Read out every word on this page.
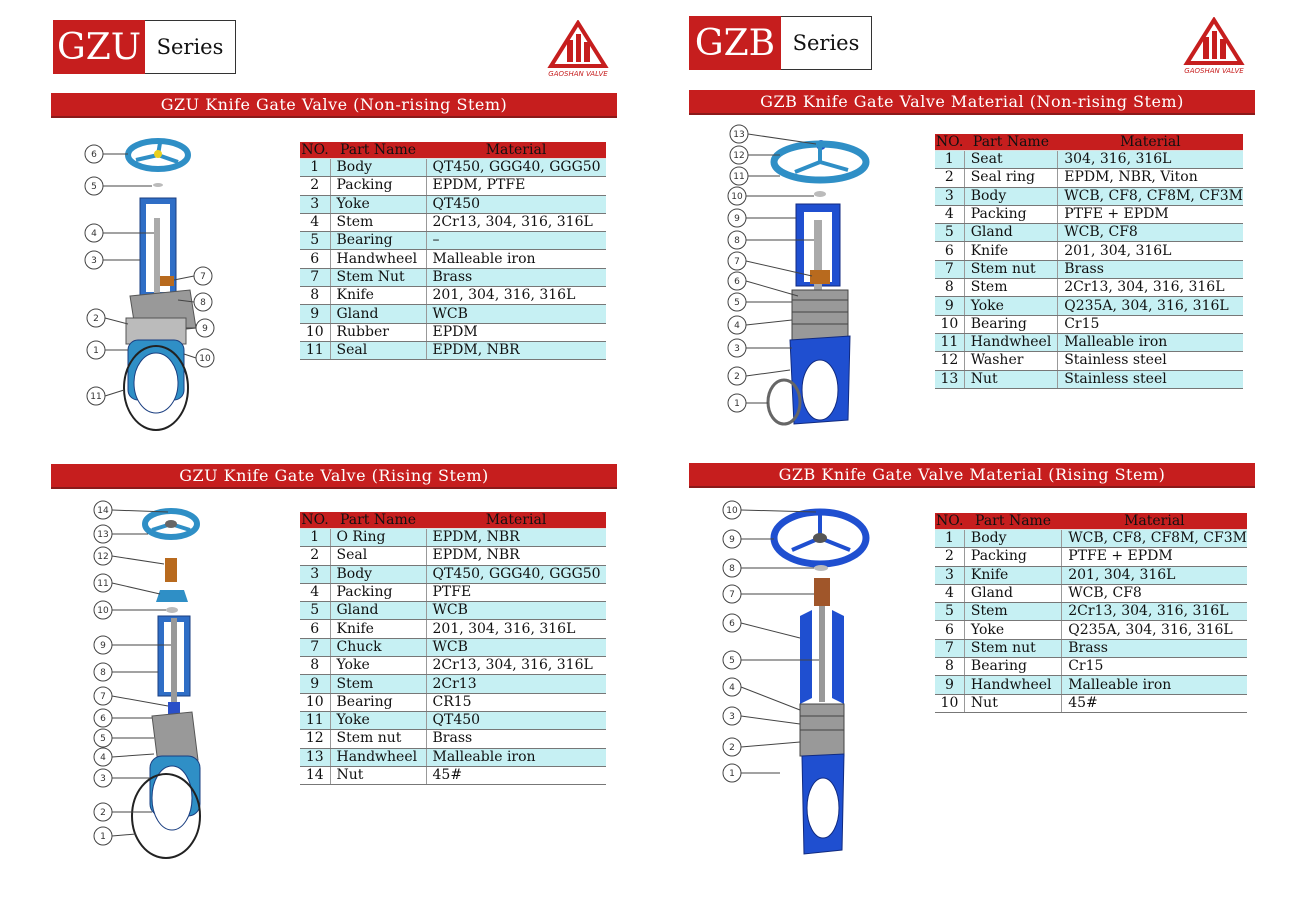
GZU Series
GAOSHAN VALVE
GZB Series
GAOSHAN VALVE
GZU Knife Gate Valve (Non-rising Stem)	GZB Knife Gate Valve Material (Non-rising Stem)
GZU Knife Gate Valve (Rising Stem)	GZB Knife Gate Valve Material (Rising Stem)
NO.	Part Name	Material
1	Body	QT450, GGG40, GGG50
2	Packing	EPDM, PTFE
3	Yoke	QT450
4	Stem	2Cr13, 304, 316, 316L
5	Bearing	–
6	Handwheel	Malleable iron
7	Stem Nut	Brass
8	Knife	201, 304, 316, 316L
9	Gland	WCB
10	Rubber	EPDM
11	Seal	EPDM, NBR
NO.	Part Name	Material
1	Seat	304, 316, 316L
2	Seal ring	EPDM, NBR, Viton
3	Body	WCB, CF8, CF8M, CF3M
4	Packing	PTFE + EPDM
5	Gland	WCB, CF8
6	Knife	201, 304, 316L
7	Stem nut	Brass
8	Stem	2Cr13, 304, 316, 316L
9	Yoke	Q235A, 304, 316, 316L
10	Bearing	Cr15
11	Handwheel	Malleable iron
12	Washer	Stainless steel
13	Nut	Stainless steel
NO.	Part Name	Material
1	O Ring	EPDM, NBR
2	Seal	EPDM, NBR
3	Body	QT450, GGG40, GGG50
4	Packing	PTFE
5	Gland	WCB
6	Knife	201, 304, 316, 316L
7	Chuck	WCB
8	Yoke	2Cr13, 304, 316, 316L
9	Stem	2Cr13
10	Bearing	CR15
11	Yoke	QT450
12	Stem nut	Brass
13	Handwheel	Malleable iron
14	Nut	45#
NO.	Part Name	Material
1	Body	WCB, CF8, CF8M, CF3M
2	Packing	PTFE + EPDM
3	Knife	201, 304, 316L
4	Gland	WCB, CF8
5	Stem	2Cr13, 304, 316, 316L
6	Yoke	Q235A, 304, 316, 316L
7	Stem nut	Brass
8	Bearing	Cr15
9	Handwheel	Malleable iron
10	Nut	45#
6
5
4
3
7
8
2
9
1
10
11
13
12
11
10
9
8
7
6
5
4
3
2
1
14
13
12
11
10
9
8
7
6
5
4
3
2
1
10
9
8
7
6
5
4
3
2
1
